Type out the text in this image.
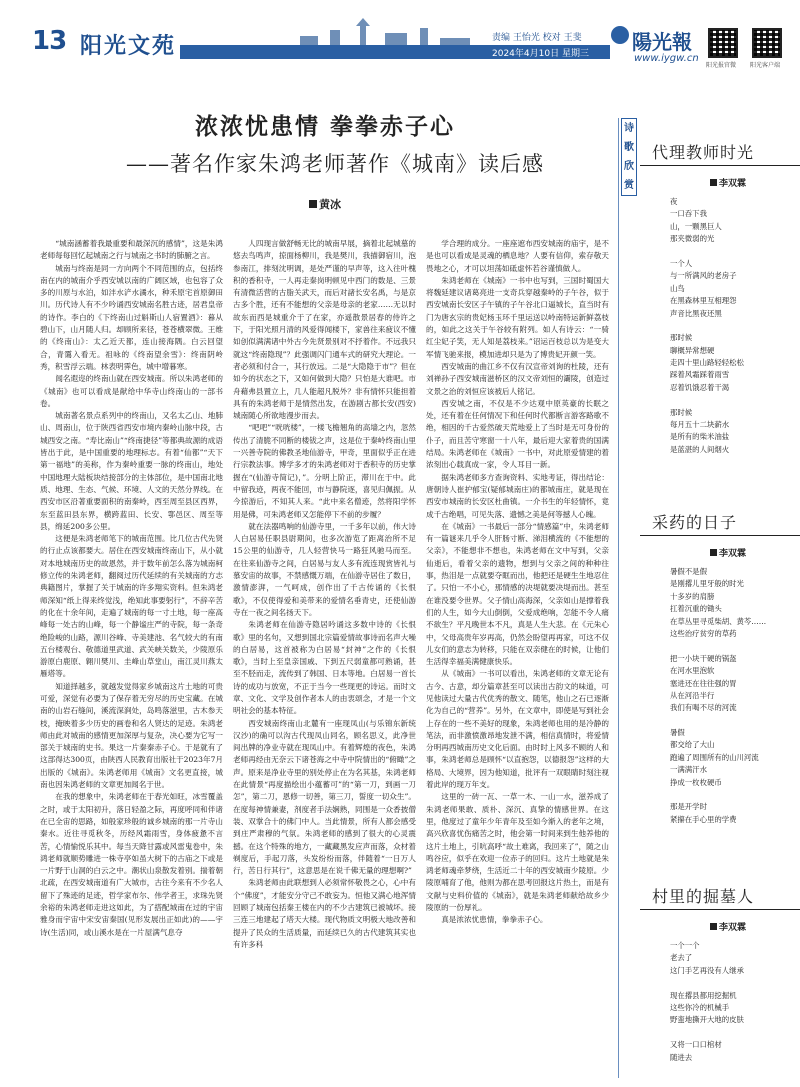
13 阳光文苑	责编 王怡光 校对 王斐
2024年4月10日 星期三 陽光報
www.iygw.cn
阳光报官微 阳光客户端
浓浓忧患情 拳拳赤子心
——著名作家朱鸿老师著作《城南》读后感
黄冰

“城南涵蓄着我最重要和最深沉的感情”，这是朱鸿老师每每回忆起城南之行与城南之书时的肺腑之言。

城南与终南是同一方向两个不同范围的点，包括终南在内的城南介乎西安城以南的广阔区域，也包容了众多的川原与水泊，如沣水浐水潏水，种禾原宅首原御田川。历代诗人有不少吟诵西安城南名胜古迹，居君皇帝的诗作。李白的《下终南山过斛斯山人宿置酒》：暮从碧山下，山月随人归。却顾所来径，苍苍横翠微。王维的《终南山》：太乙近天都，连山接海隅。白云回望合，青霭入看无。祖咏的《终南望余雪》：终南阴岭秀，积雪浮云端。林表明霁色，城中增暮寒。

闻名遐迩的终南山就在西安城南。所以朱鸿老师的《城南》也可以看成是献给中华寺山终南山的一部书卷。

城南著名景点系列中的终南山，又名太乙山、地肺山、周南山，位于陕西省西安市境内秦岭山脉中段，古城西安之南。“寿比南山”“终南捷径”等都典故源的成语皆出于此，是中国重要的地理标志。有着“仙都”“天下第一福地”的美称，作为秦岭重要一脉的终南山，地处中国地理大陆板块结接部分的主体部位，是中国南北地质、地理、生态、气候、环境、人文的天然分界线。在西安市区沿著重要面积的南秦岭，西至周至县区西界，东至蓝田县东界，横跨蓝田、长安、鄠邑区、周至等县，绵延200多公里。

这便是朱鸿老师笔下的城南范围。比几位古代先贤的行止点该都要大。居住在西安城南终南山下，从小就对本地城南历史的故恩然，并于数年前怎么落为城南柯修立传的朱鸿老师，翻阅过历代延续的有关城南的方志典籍图片，掌握了关于城南的许多翔实资料。但朱鸿老师深知“纸上得来终觉浅，绝知此事要躬行”，不辞辛苦的化在十余年间，走遍了城南的每一寸土地，每一座高峰每一处古的山峰，每一个静谧庄严的寺院，每一条奇绝险峻的山路，源川谷峰、寺美建池、名气较大的有南五台楼观台、敬德道里武道、武关峡关数关，少陵原乐游原白鹿原、翱川樊川、圭峰山草堂山，南江灵川燕太雁塔等。

知道择越多，就越发觉得家乡城南这片土地的可贵可爱，深觉有必要为了保存着无穷尽的历史宝藏。在城南的山岩石缝间，溪流深涧处，岛鸣落滋里，古木参天枝，掩映着多少历史的画卷和名人贤达的足迹。朱鸿老师由此对城南的感情更加深厚与复杂，决心要为它写一部关于城南的史书。果这一片秦秦赤子心。于是就有了这部得达300页，由陕西人民教育出版社于2023年7月出版的《城南》。朱鸿老师用《城南》文名更直接，城南也因朱鸿老师的文章更加闻名于世。

在我的想象中，朱鸿老师在于春光如旺，冰雪覆盖之时，或于太阳初升，落日轻盈之际，再度呼同和伴诸在已全宙的思路，如般家珍般的诚乡城南的那一片寺山秦水。近往寻觅秋冬，历经风霜雨雪，身体疲惫不言苦，心情愉悦乐其中。每当天降甘露或风雷鬼卷中，朱鸿老师就顺势雕进一株寺亭如虽大树下的古庙之下或是一片野于山洞的白云之中。潮状山泉散发着别。揣着朝北疏，在西安城南道有广大城市，古往今来有不少名人留下了殊迹的足迹，哲学家布尔、伟学者王，求珠先贤余裕的朱鸿老师走进这如此，为了搭配城南在过的宇宙雅身而宇宙中宋安宙秦国(见形发展出正如此)的——宇诗(生活)同，或山溪水是在一片屋满气息夺

人四现言做舒畅无比的城南早展，摘着北起城墓的悠去鸟鸣声，掠面杨柳川，我是樊川，我描御宿川，泡参南江，排刻沈明调，是处严谨的早声等，这入往叶槐积的香积寺，一人再走秦岗明顿见中西门的数是、三景有清微活营的古脂关武天，而后对諸长安名禹，与是京古多个胜，还有不能想的父亲是母亲的老家……无以时故东而西是城重介于了在家，亦遥散景居春的侍许之下，于阳光照月清的风爱得闻楼下，家兽往来疲议不懂如创似满满诸中外古今先贤景别对不抒着作。不远我只就这“终南隐现”？此强调闪门通车式的研究大理论。一者必须和付合一，其行放远。二是“大隐隐于市”？但在如今的状态之下，又如何做到大隐？只怕是大谁吧。市舟藉弗县置立上，几人能超凡脱外？非有情怀只能担着具有的朱鸿老师于是情然出发，在游剧古都长安(西安)城南随心所欲地漫步而去。

“吧吧”“咣咣楼”，一楼飞檐翘角的高墙之内，忽然传出了清脆不同断的楼钹之声，这是位于秦岭终南山里一兴善寺院的佛教圣地仙游寺，甲奇，里面似乎正在进行宗教法事。博学多才的朱鸿老师对于香积寺的历史掌握在“(仙游寺简记)，”。分明上阶正，滞川在于中。此中留我迹，两夜不能回，市与静院逐，喜见归佩振。从今掠游后，不知其人来。“此中来名僧迹，然将阳学怀用是佛，可朱鸿老师又怎能停下不前的步履？

就在法器鸣响的仙游寺里，一千多年以前，伟大诗人白居易任职县尉期间，也多次游览了距离治所不足15公里的仙游寺，几人轻营快马一路狂风驰马而至。在往来仙游寺之间，白居易与友人多有流连现赏皆礼与慕安宙的故事，不禁感慨万端，在仙游寺居住了数日，激情澎湃，一气呵成，创作出了千古传诵的《长恨歌》，不仅使得爱和美带来的爱情名垂青史，还使仙游寺在一夜之间名扬天下。

朱鸿老师在仙游寺隐居吟诵这多数中诗的《长恨歌》里的名句，又想到国北宗篇爱情故事诗而名声大噪的白居易，这首被称为白居易“封神”之作的《长恨歌》，当时上至皇亲国戚、下到五尺弱童都可熟诵，甚至不胫而走，流传到了韩国、日本等地。白居易一首长诗的成功与放宽，不正于当今一些现更的诗运。而时文章、文化、文学及创作者本人的由衷颂念，才是一个文明社会的基本特征。

西安城南终南山北麓有一座现凤山(与乐锦东新统汉沙)的确可以沟古代现凤山同名，顾名思义，此净世间出牌的净业寺就在现凤山中。有着辉煌的夜色，朱鸿老师再经由无奈云下诸苍海之中寺中院情出的“俯瞰”之声。原来是净业寺里的别处停止在为名其基，朱鸿老师在此情景“再度描绘出小蕴蓄可”的“第一刀，到画一刀怎”，第二刀，恩修一切善，第三刀，誓度一切众生”。在度每神情兼妻，剂度者手法娴熟，同围是一众香披僧装、双掌合十的佛门中人。当此情景，所有人都会感受到庄严肃穆的气氛。朱鸿老师的感到了很大的心灵震撼。在这个特殊的地方，一藏藏黑发应声而落，众材着剃度后，手起刀落，头发纷纷而落，伴随着“一日万人行，苦日行其行”，这意思是在说千佛无量的理想啊?”

朱鸿老师由此联想到人必须常怀敬畏之心，心中有个“佛度”，才能安分守己不敢妄为。恒他又满心地浑情回顾了城南包括秦王楼在内的不少古建筑已被城坏。接三连三地建起了塔天大楼。现代物质文明极大地改善和提升了民众的生活质量，而延续已久的古代建筑其实也有许多科

学合理的成分。一座座遮布西安城南的庙宇，是不是也可以看成是灵魂的栖息地？人要有信仰，索存敬天畏地之心，才可以坦荡如砥虚怀若谷谨慎做人。

朱鸿老师在《城南》一书中也写到，三国时蜀国大将魏延建议诸葛亮进一支奇兵穿越秦岭的子午谷，似于西安城南长安区子午镇的子午谷北口逼城长，直当时有门为唐玄宗的贵妃杨玉环千里运送以岭南特运新鲜荔枝的，如此之这关于午谷较有附列。如人有诗云：“一骑红尘妃子笑，无人知是荔枝来。”诏运百枝总以为是变大军情飞驰来报，模加进却只是为了博贵妃开颜一笑。

西安城南的曲江乡不仅有汉宣帝刘询的杜陵，还有刘禅孙子西安城南滋桥区的汉文帝刘恒的灞陵，创造过文景之治的刘恒应该被后人铭记。

西安城之南，不仅是不少达观中原英豪的长眠之处，还有着在任何情况下和任何时代都断言游客路歌不绝，相因的千古爱然破天荒地爱上了当时是无可身份的仆子，而且苦守寒窗一十八年，最后迎大家着贵的国满结局。朱鸿老师在《城南》一书中，对此原爱情建的着浓刻出心载真成一家，令人耳目一新。

据朱鸿老师多方查询资料、实地考证，得出结论：唐朝诗人崔护郁宝(疑郁城南庄)的都城南庄，就是现在西安市城南的长安区杜曲镇。一介书生的年轻情怀，竟成千古绝唱，可见失落、遗憾之美是何等撼人心魄。

在《城南》一书最后一部分“情感篇”中，朱鸿老师有一篇谜来几乎令人肝肠寸断、涕泪横流的《不能想的父亲》，不能想非不想也，朱鸿老师在文中写到，父亲仙逝后，看着父亲的遗物，想到与父亲之间的种种往事，热泪是一点就要夺眶而出，他把还是硬生生地忍住了。只怕一不小心，那情感的决堤就要决堤而出。甚至在谁没要令世界。父子情山高海深，父亲如山是撑着我们的人生，如今大山倒倒，父爱成绝响，怎能不令人痛不欲生？平凡晚世本不凡，真是人生大悲。在《元朱心中，父母高贵年岁再高，仍然会盼望再再家，可这不仅儿女们的意志为转移，只能在双亲健在的时候，让他们生活得幸福美满健康快乐。

从《城南》一书可以看出，朱鸿老师的文章无论有古今、古意，却分篇章甚至可以读出古韵文的味道，可见他读过大量古代优秀的散文、随笔，他山之石已逐渐化为自己的“营养”。另外，在文章中，即使是写到社会上存在的一些不美好的现象，朱鸿老师也用的是冷静的笔法，而非激愤激昂地发泄不满，相信真情时，将爱情分明再西城南历史文化后面。由时时上风多不顾的人和事，朱鸿老师总是顾怀“以直抱怨，以德报怨”这样的大格局、大境界，因为他知道，批评有一双眼睛时刻注视着此岸的现万年支。

这里的一砖一瓦、一草一木、一山一水，滋养成了朱鸿老师果敢、质朴、深沉、真挚的情感世界。在这里，他度过了童年少年青年及至如今渐入的老年之境，高兴欣喜忧伤痛苦之时，他会第一时间来到生他养他的这片土地上，引吭高呼“故土难离，我回来了”，随之山鸣谷应，似乎在欢迎一位赤子的回归。这片土地就是朱鸿老师魂牵梦绕，生活近二十年的西安城南少陵原。少陵原哺育了他，他则为都在思考回报这片热土，而是有文献与史料价值的《城南》，就是朱鸿老师献给故乡少陵原的一份厚礼。

真是浓浓忧患情，拳拳赤子心。

诗
歌
欣
赏
代理教师时光
李双霖
夜
一口吞下我
山，一颗黑巨人
那夹微弱的光
一个人
与一所满风的老房子
山鸟
在黑森林里互相理怨
声音比黑夜还黑
那时候
聊概异常想硬
走四十里山路轻轻松松
踩着风霜踩着雨雪
忍着饥饿忍着干渴
那时候
每月五十二块薪水
是所有的柴米油盐
是蓝湛的人间烟火
采药的日子
李双霖
暑假不是假
是刚撂儿里牙般的时光
十多岁的肩膀
扛着沉重的锄头
在草丛里寻觅柴胡、黄芩……
这些治疗贫穷的草药
把一小块干硬的锅盔
在河水里泡软
塞进还在往往强的胃
从在河沿半行
我们有喝不尽的河流
暑假
都交给了大山
跑遍了周围所有的山川河流
一满满汗水
挣成一枚枚硬币
那是开学时
紧攥在手心里的学费
村里的掘墓人
李双霖
一个一个
老去了
这门手艺再没有人继承
现在撂县都用挖掘机
这些你冷的机械手
野蛮地撕开大地的皮肤
又将一口口棺材
随进去
